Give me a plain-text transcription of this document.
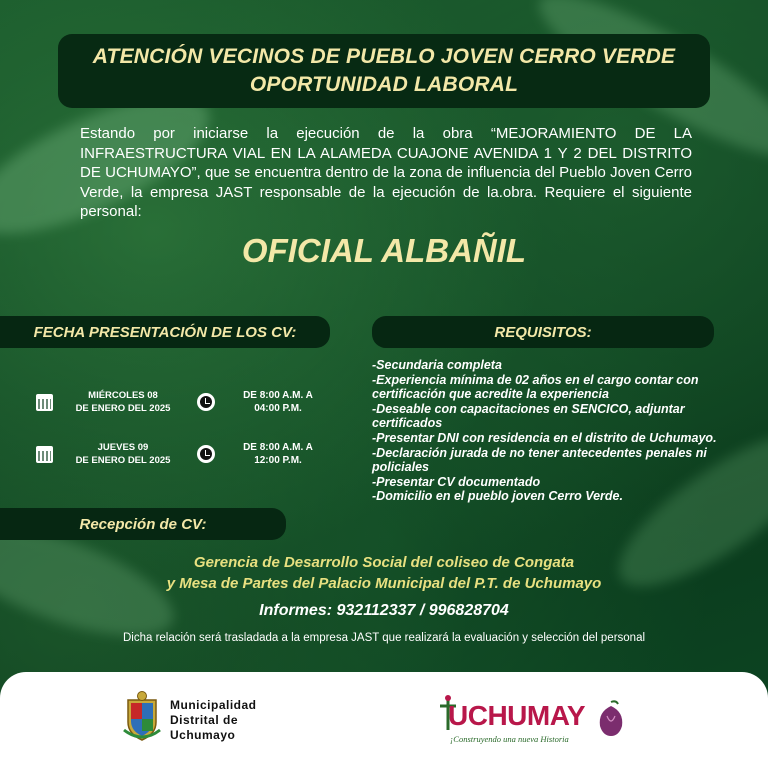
ATENCIÓN VECINOS DE PUEBLO JOVEN CERRO VERDE
OPORTUNIDAD LABORAL

Estando por iniciarse la ejecución de la obra “MEJORAMIENTO DE LA INFRAESTRUCTURA VIAL EN LA ALAMEDA CUAJONE AVENIDA 1 Y 2 DEL DISTRITO DE UCHUMAYO”, que se encuentra dentro de la zona de influencia del Pueblo Joven Cerro Verde, la empresa JAST responsable de la ejecución de la.obra. Requiere el siguiente personal:

OFICIAL ALBAÑIL
FECHA PRESENTACIÓN DE LOS CV:	REQUISITOS:
MIÉRCOLES 08
DE ENERO DEL 2025
DE 8:00 A.M. A
04:00 P.M.
JUEVES 09
DE ENERO DEL 2025
DE 8:00 A.M. A
12:00 P.M.
-Secundaria completa
-Experiencia mínima de 02 años en el cargo contar con certificación que acredite la experiencia
-Deseable con capacitaciones en SENCICO, adjuntar certificados
-Presentar DNI con residencia en el distrito de Uchumayo.
-Declaración jurada de no tener antecedentes penales ni policiales
-Presentar CV documentado
-Domicilio en el pueblo joven Cerro Verde.
Recepción de CV:
Gerencia de Desarrollo Social del coliseo de Congata
y Mesa de Partes del Palacio Municipal del P.T. de Uchumayo
Informes: 932112337 / 996828704
Dicha relación será trasladada a la empresa JAST que realizará la evaluación y selección del personal
Municipalidad
Distrital de
Uchumayo
UCHUMAY
¡Construyendo una nueva Historia
